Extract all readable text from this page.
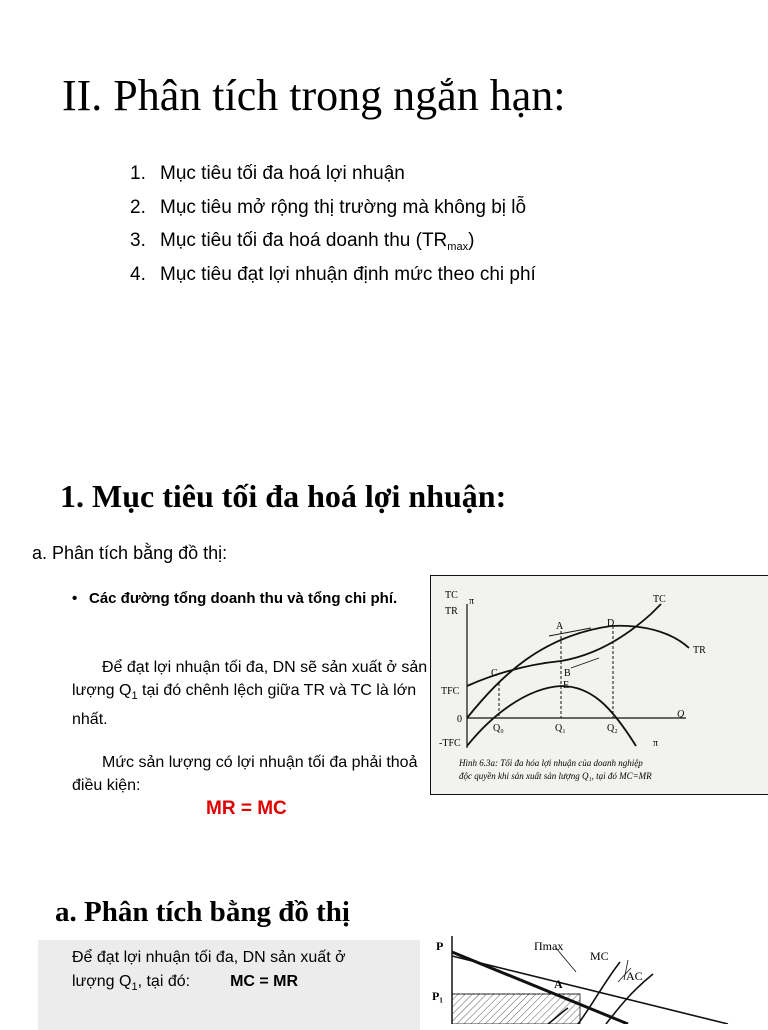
II. Phân tích trong ngắn hạn:
1. Mục tiêu tối đa hoá lợi nhuận
2. Mục tiêu mở rộng thị trường mà không bị lỗ
3. Mục tiêu tối đa hoá doanh thu $(TR_{max})$
4. Mục tiêu đạt lợi nhuận định mức theo chi phí
1. Mục tiêu tối đa hoá lợi nhuận:
a. Phân tích bằng đồ thị:
• Các đường tổng doanh thu và tổng chi phí.
Để đạt lợi nhuận tối đa, DN sẽ sản xuất ở sản lượng $Q_1$ tại đó chênh lệch giữa TR và TC là lớn nhất.
Mức sản lượng có lợi nhuận tối đa phải thoả điều kiện:
MR = MC
TC
π
TR
TC
TR
π
TFC
0
-TFC
Q
Q₀	Q₁	Q₂
A
B
C
D
E
Hình 6.3a: Tối đa hóa lợi nhuận của doanh nghiệp
độc quyền khi sản xuất sản lượng Q₁, tại đó MC=MR
a. Phân tích bằng đồ thị
Để đạt lợi nhuận tối đa, DN sản xuất ở
lượng $Q_1$, tại đó:	MC = MR
P
P₁
Πmax
MC
AC
A
